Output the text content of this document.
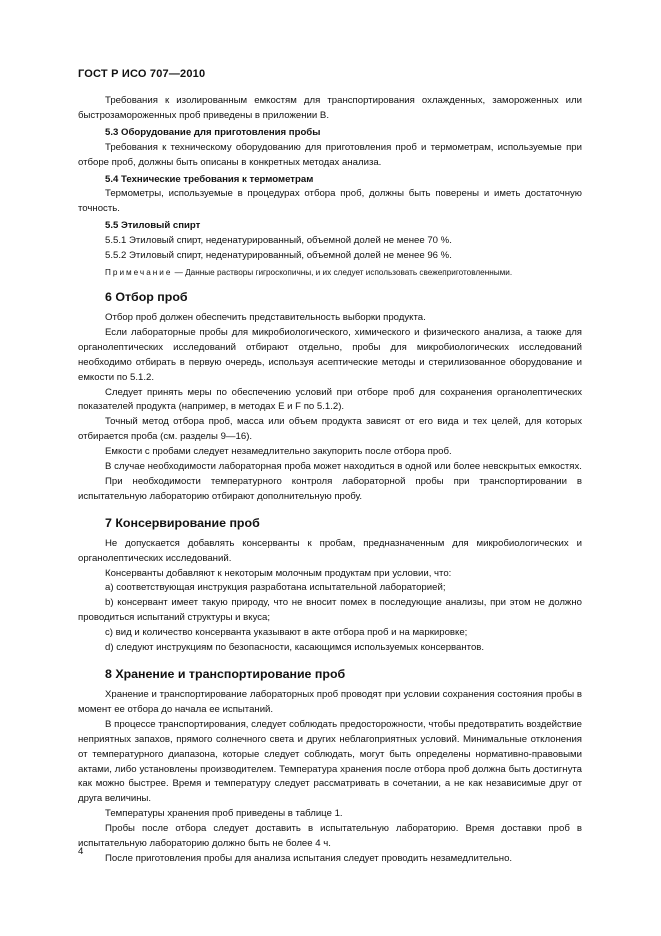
ГОСТ Р ИСО 707—2010

Требования к изолированным емкостям для транспортирования охлажденных, замороженных или быстрозамороженных проб приведены в приложении В.

5.3 Оборудование для приготовления пробы

Требования к техническому оборудованию для приготовления проб и термометрам, используемые при отборе проб, должны быть описаны в конкретных методах анализа.

5.4 Технические требования к термометрам

Термометры, используемые в процедурах отбора проб, должны быть поверены и иметь достаточную точность.

5.5 Этиловый спирт
5.5.1 Этиловый спирт, неденатурированный, объемной долей не менее 70 %.
5.5.2 Этиловый спирт, неденатурированный, объемной долей не менее 96 %.
Примечание — Данные растворы гигроскопичны, и их следует использовать свежеприготовленными.
6 Отбор проб

Отбор проб должен обеспечить представительность выборки продукта.

Если лабораторные пробы для микробиологического, химического и физического анализа, а также для органолептических исследований отбирают отдельно, пробы для микробиологических исследований необходимо отбирать в первую очередь, используя асептические методы и стерилизованное оборудование и емкости по 5.1.2.

Следует принять меры по обеспечению условий при отборе проб для сохранения органолептических показателей продукта (например, в методах Е и F по 5.1.2).

Точный метод отбора проб, масса или объем продукта зависят от его вида и тех целей, для которых отбирается проба (см. разделы 9—16).

Емкости с пробами следует незамедлительно закупорить после отбора проб.

В случае необходимости лабораторная проба может находиться в одной или более невскрытых емкостях.

При необходимости температурного контроля лабораторной пробы при транспортировании в испытательную лабораторию отбирают дополнительную пробу.

7 Консервирование проб

Не допускается добавлять консерванты к пробам, предназначенным для микробиологических и органолептических исследований.

Консерванты добавляют к некоторым молочным продуктам при условии, что:

a) соответствующая инструкция разработана испытательной лабораторией;

b) консервант имеет такую природу, что не вносит помех в последующие анализы, при этом не должно проводиться испытаний структуры и вкуса;

c) вид и количество консерванта указывают в акте отбора проб и на маркировке;

d) следуют инструкциям по безопасности, касающимся используемых консервантов.

8 Хранение и транспортирование проб

Хранение и транспортирование лабораторных проб проводят при условии сохранения состояния пробы в момент ее отбора до начала ее испытаний.

В процессе транспортирования, следует соблюдать предосторожности, чтобы предотвратить воздействие неприятных запахов, прямого солнечного света и других неблагоприятных условий. Минимальные отклонения от температурного диапазона, которые следует соблюдать, могут быть определены нормативно-правовыми актами, либо установлены производителем. Температура хранения после отбора проб должна быть достигнута как можно быстрее. Время и температуру следует рассматривать в сочетании, а не как независимые друг от друга величины.

Температуры хранения проб приведены в таблице 1.

Пробы после отбора следует доставить в испытательную лабораторию. Время доставки проб в испытательную лабораторию должно быть не более 4 ч.

После приготовления пробы для анализа испытания следует проводить незамедлительно.

4
